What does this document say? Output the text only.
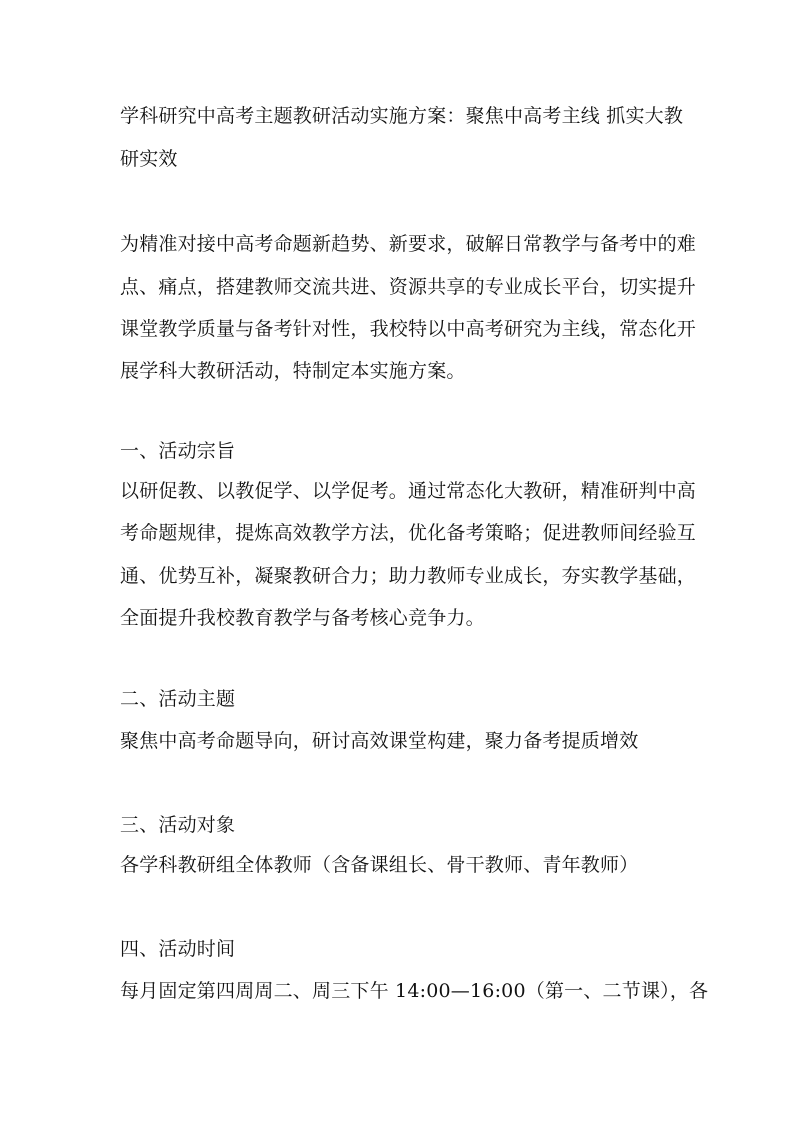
学科研究中高考主题教研活动实施方案：聚焦中高考主线 抓实大教
研实效
为精准对接中高考命题新趋势、新要求，破解日常教学与备考中的难
点、痛点，搭建教师交流共进、资源共享的专业成长平台，切实提升
课堂教学质量与备考针对性，我校特以中高考研究为主线，常态化开
展学科大教研活动，特制定本实施方案。
一、活动宗旨
以研促教、以教促学、以学促考。通过常态化大教研，精准研判中高
考命题规律，提炼高效教学方法，优化备考策略；促进教师间经验互
通、优势互补，凝聚教研合力；助力教师专业成长，夯实教学基础，
全面提升我校教育教学与备考核心竞争力。
二、活动主题
聚焦中高考命题导向，研讨高效课堂构建，聚力备考提质增效
三、活动对象
各学科教研组全体教师（含备课组长、骨干教师、青年教师）
四、活动时间
每月固定第四周周二、周三下午 14:00—16:00（第一、二节课），各
